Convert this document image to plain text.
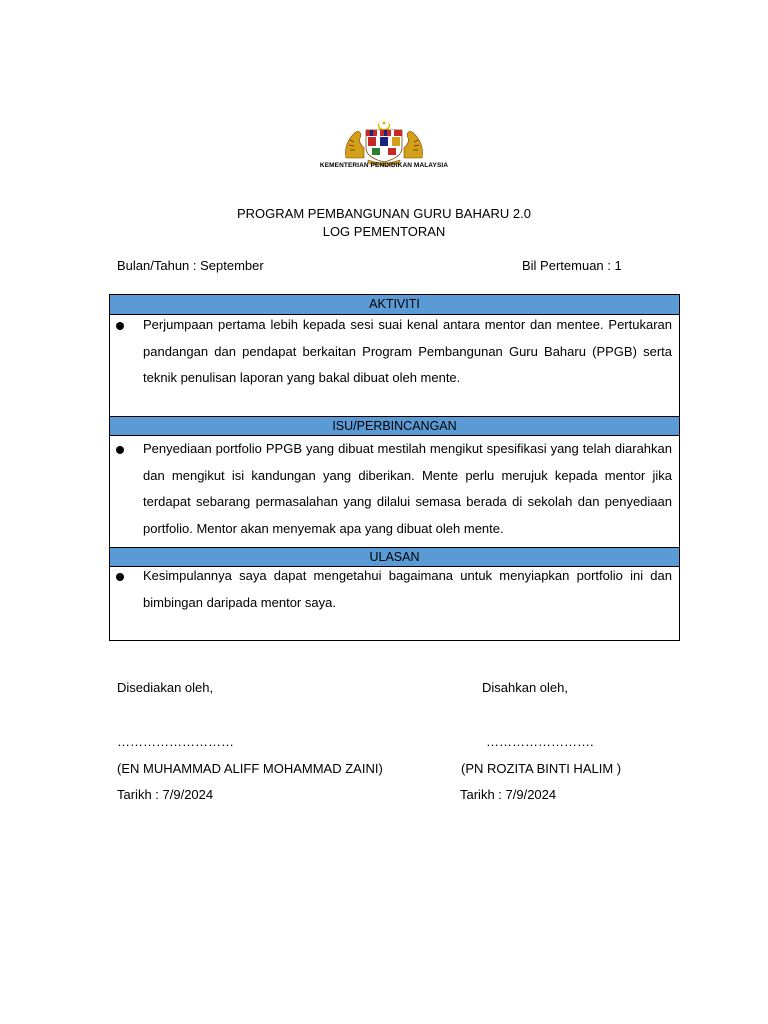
KEMENTERIAN PENDIDIKAN MALAYSIA
PROGRAM PEMBANGUNAN GURU BAHARU 2.0
LOG PEMENTORAN
Bulan/Tahun : September	Bil Pertemuan : 1
AKTIVITI
Perjumpaan pertama lebih kepada sesi suai kenal antara mentor dan mentee. Pertukaran pandangan dan pendapat berkaitan Program Pembangunan Guru Baharu (PPGB) serta teknik penulisan laporan yang bakal dibuat oleh mente.
ISU/PERBINCANGAN
Penyediaan portfolio PPGB yang dibuat mestilah mengikut spesifikasi yang telah diarahkan dan mengikut isi kandungan yang diberikan. Mente perlu merujuk kepada mentor jika terdapat sebarang permasalahan yang dilalui semasa berada di sekolah dan penyediaan portfolio. Mentor akan menyemak apa yang dibuat oleh mente.
ULASAN
Kesimpulannya saya dapat mengetahui bagaimana untuk menyiapkan portfolio ini dan bimbingan daripada mentor saya.
Disediakan oleh,	Disahkan oleh,
………………………	…………………….
(EN MUHAMMAD ALIFF MOHAMMAD ZAINI)	(PN ROZITA BINTI HALIM )
Tarikh : 7/9/2024	Tarikh : 7/9/2024
